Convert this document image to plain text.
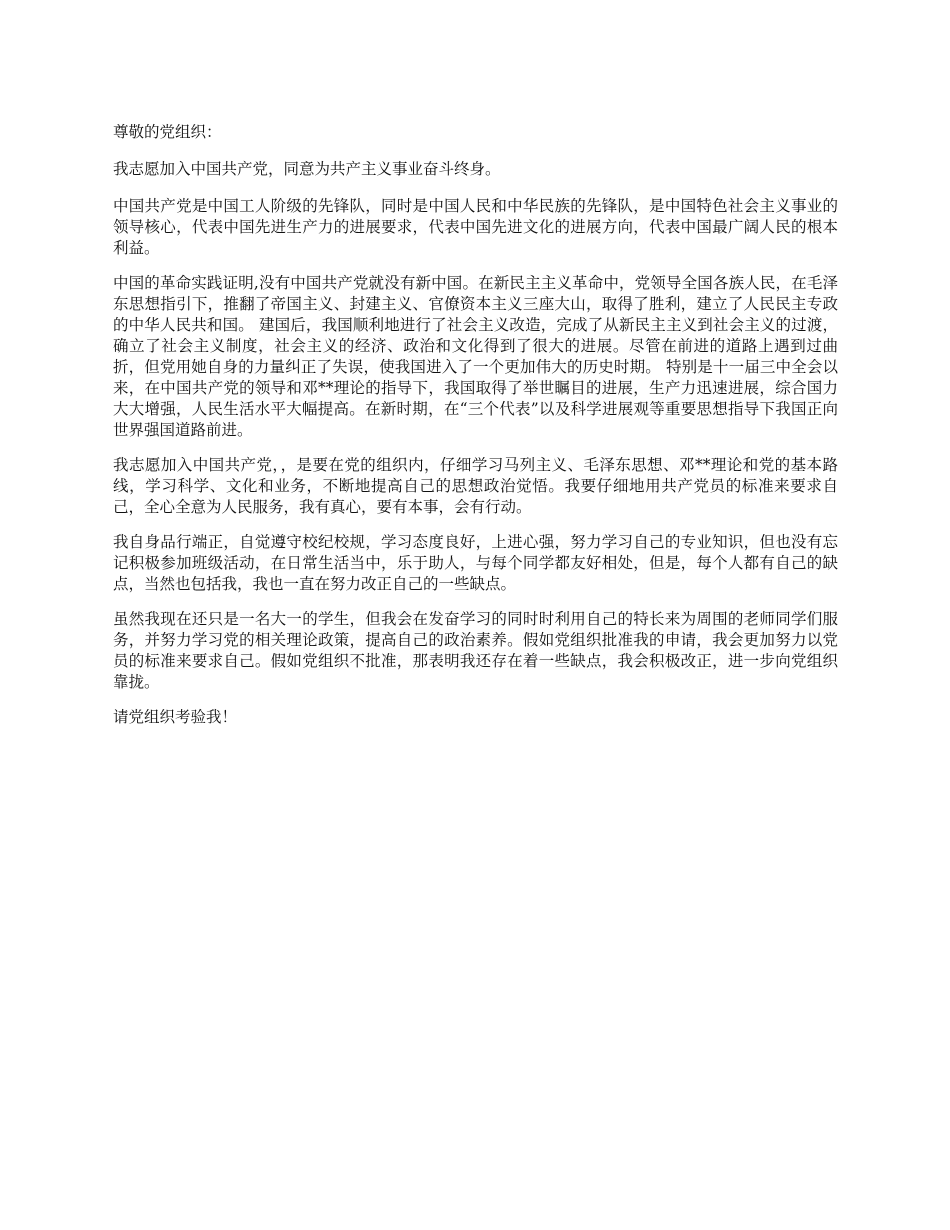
尊敬的党组织：

我志愿加入中国共产党，同意为共产主义事业奋斗终身。

中国共产党是中国工人阶级的先锋队，同时是中国人民和中华民族的先锋队，是中国特色社会主义事业的领导核心，代表中国先进生产力的进展要求，代表中国先进文化的进展方向，代表中国最广阔人民的根本利益。

中国的革命实践证明,没有中国共产党就没有新中国。在新民主主义革命中，党领导全国各族人民，在毛泽东思想指引下，推翻了帝国主义、封建主义、官僚资本主义三座大山，取得了胜利，建立了人民民主专政的中华人民共和国。 建国后，我国顺利地进行了社会主义改造，完成了从新民主主义到社会主义的过渡，确立了社会主义制度，社会主义的经济、政治和文化得到了很大的进展。尽管在前进的道路上遇到过曲折，但党用她自身的力量纠正了失误，使我国进入了一个更加伟大的历史时期。 特别是十一届三中全会以来，在中国共产党的领导和邓**理论的指导下，我国取得了举世瞩目的进展，生产力迅速进展，综合国力大大增强，人民生活水平大幅提高。在新时期，在“三个代表”以及科学进展观等重要思想指导下我国正向世界强国道路前进。

我志愿加入中国共产党，，是要在党的组织内，仔细学习马列主义、毛泽东思想、邓**理论和党的基本路线，学习科学、文化和业务，不断地提高自己的思想政治觉悟。我要仔细地用共产党员的标准来要求自己，全心全意为人民服务，我有真心，要有本事，会有行动。

我自身品行端正，自觉遵守校纪校规，学习态度良好，上进心强，努力学习自己的专业知识，但也没有忘记积极参加班级活动，在日常生活当中，乐于助人，与每个同学都友好相处，但是，每个人都有自己的缺点，当然也包括我，我也一直在努力改正自己的一些缺点。

虽然我现在还只是一名大一的学生，但我会在发奋学习的同时时利用自己的特长来为周围的老师同学们服务，并努力学习党的相关理论政策，提高自己的政治素养。假如党组织批准我的申请，我会更加努力以党员的标准来要求自己。假如党组织不批准，那表明我还存在着一些缺点，我会积极改正，进一步向党组织靠拢。

请党组织考验我！
